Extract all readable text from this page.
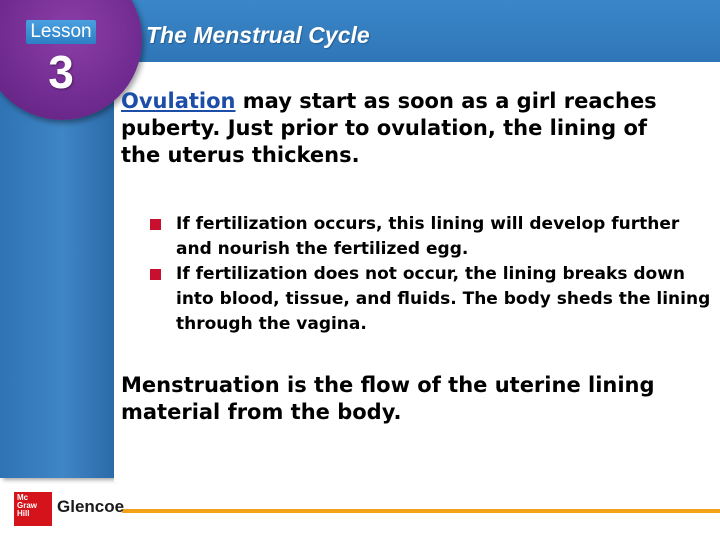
Lesson
3
The Menstrual Cycle
Ovulation may start as soon as a girl reaches puberty. Just prior to ovulation, the lining of the uterus thickens.
If fertilization occurs, this lining will develop further and nourish the fertilized egg.
If fertilization does not occur, the lining breaks down into blood, tissue, and fluids. The body sheds the lining through the vagina.
Menstruation is the flow of the uterine lining material from the body.
Mc
Graw
Hill	Glencoe
